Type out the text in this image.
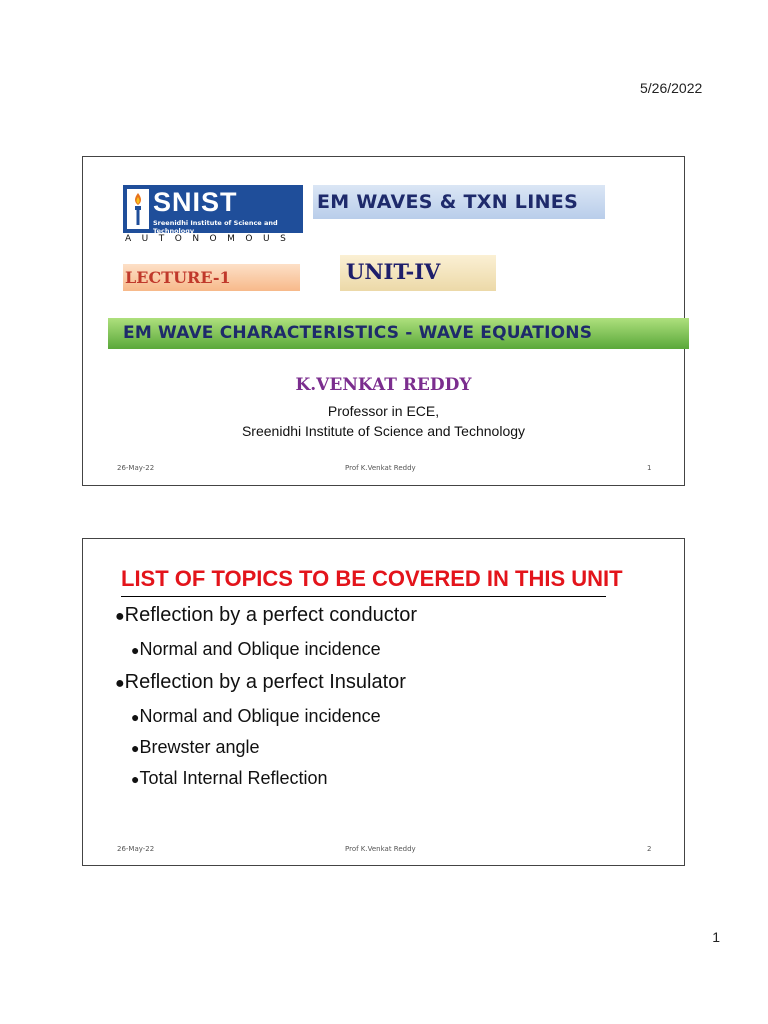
5/26/2022
SNIST
Sreenidhi Institute of Science and Technology
AUTONOMOUS
EM WAVES & TXN LINES
LECTURE-1	UNIT-IV
EM WAVE CHARACTERISTICS - WAVE EQUATIONS
K.VENKAT REDDY
Professor in ECE,
Sreenidhi Institute of Science and Technology
26-May-22	Prof K.Venkat Reddy	1
LIST OF TOPICS TO BE COVERED IN THIS UNIT
●Reflection by a perfect conductor
●Normal and Oblique incidence
●Reflection by a perfect Insulator
●Normal and Oblique incidence
●Brewster angle
●Total Internal Reflection
26-May-22	Prof K.Venkat Reddy	2
1
